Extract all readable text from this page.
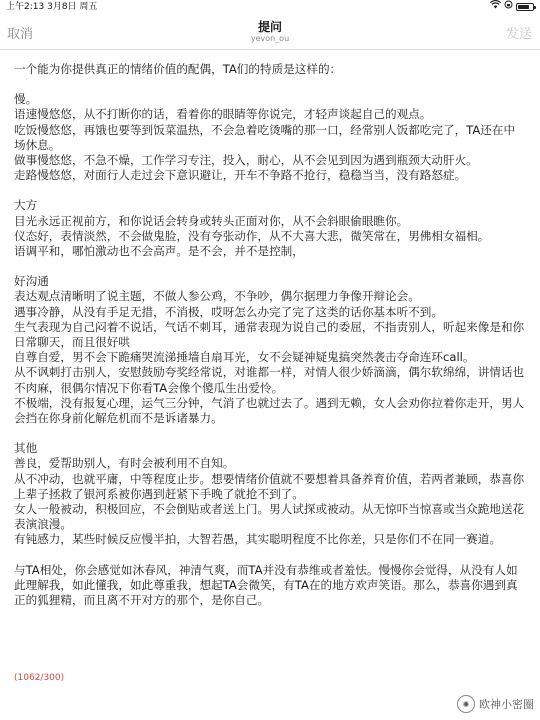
上午2:13 3月8日 周五
取消	提问
yevon_ou	发送

一个能为你提供真正的情绪价值的配偶，TA们的特质是这样的：

慢。
语速慢悠悠，从不打断你的话，看着你的眼睛等你说完，才轻声谈起自己的观点。
吃饭慢悠悠，再饿也要等到饭菜温热，不会急着吃烫嘴的那一口，经常别人饭都吃完了，TA还在中场休息。
做事慢悠悠，不急不燥，工作学习专注，投入，耐心，从不会见到因为遇到瓶颈大动肝火。
走路慢悠悠，对面行人走过会下意识避让，开车不争路不抢行，稳稳当当，没有路怒症。

大方
目光永远正视前方，和你说话会转身或转头正面对你，从不会斜眼偷眼瞧你。
仪态好，表情淡然，不会做鬼脸，没有夸张动作，从不大喜大悲，微笑常在，男佛相女福相。
语调平和，哪怕激动也不会高声。是不会，并不是控制，

好沟通
表达观点清晰明了说主题，不做人参公鸡，不争吵，偶尔据理力争像开辩论会。
遇事冷静，从没有手足无措，不消极，哎呀怎么办完了完了这类的话你基本听不到。
生气表现为自己闷着不说话，气话不刺耳，通常表现为说自己的委屈，不指责别人，听起来像是和你日常聊天，而且很好哄
自尊自爱，男不会下跪痛哭流涕捶墙自扇耳光，女不会疑神疑鬼搞突然袭击夺命连环call。
从不讽刺打击别人，安慰鼓励夸奖经常说，对谁都一样，对情人很少娇滴滴，偶尔软绵绵，讲情话也不肉麻，很偶尔情况下你看TA会像个傻瓜生出爱怜。
不极端，没有报复心理，运气三分钟，气消了也就过去了。遇到无赖，女人会劝你拉着你走开，男人会挡在你身前化解危机而不是诉诸暴力。

其他
善良，爱帮助别人，有时会被利用不自知。
从不冲动，也就平庸，中等程度止步。想要情绪价值就不要想着具备养育价值，若两者兼顾，恭喜你上辈子拯救了银河系被你遇到赶紧下手晚了就抢不到了。
女人一般被动，积极回应，不会倒贴或者送上门。男人试探或被动。从无惊吓当惊喜或当众跪地送花表演浪漫。
有钝感力，某些时候反应慢半拍，大智若愚，其实聪明程度不比你差，只是你们不在同一赛道。

与TA相处，你会感觉如沐春风，神清气爽，而TA并没有恭维或者羞怯。慢慢你会觉得，从没有人如此理解我，如此懂我，如此尊重我，想起TA会微笑，有TA在的地方欢声笑语。那么，恭喜你遇到真正的狐狸精，而且离不开对方的那个，是你自己。

(1062/300)
✺ 欧神小密圈
